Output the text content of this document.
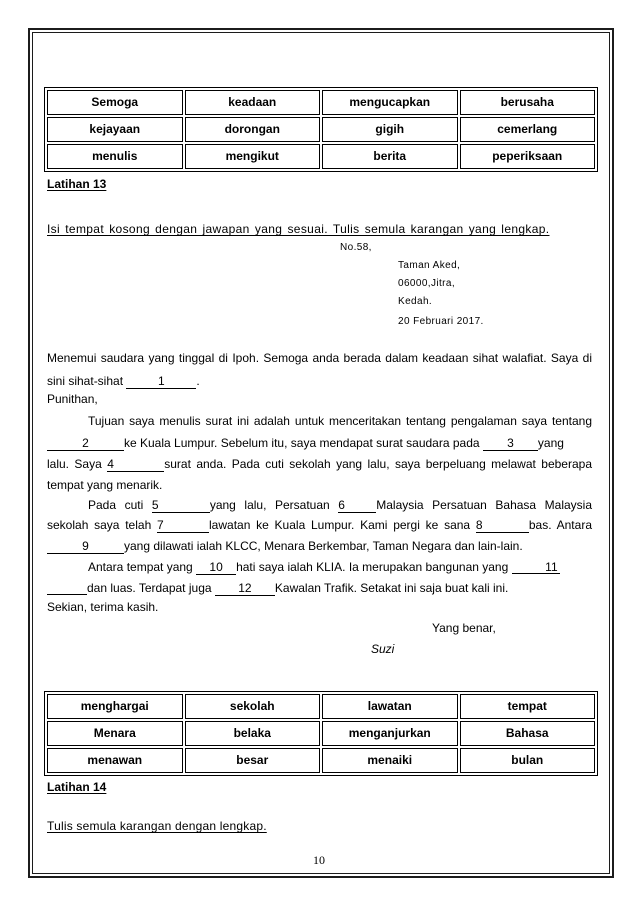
Semoga	keadaan	mengucapkan	berusaha

kejayaan	dorongan	gigih	cemerlang

menulis	mengikut	berita	peperiksaan
Latihan 13
Isi tempat kosong dengan jawapan yang sesuai. Tulis semula karangan yang lengkap.
No.58,
Taman Aked,
06000,Jitra,
Kedah.
20 Februari 2017.
Menemui saudara yang tinggal di Ipoh. Semoga anda berada dalam keadaan sihat walafiat. Saya di
sini sihat-sihat	1	.
Punithan,
Tujuan saya menulis surat ini adalah untuk menceritakan tentang pengalaman saya tentang
2	ke Kuala Lumpur. Sebelum itu, saya mendapat surat saudara pada 3 yang
lalu. Saya 4	surat anda. Pada cuti sekolah yang lalu, saya berpeluang melawat beberapa
tempat yang menarik.
Pada cuti 5	yang lalu, Persatuan 6	Malaysia Persatuan Bahasa Malaysia
sekolah saya telah 7	lawatan ke Kuala Lumpur. Kami pergi ke sana 8	bas. Antara
9	yang dilawati ialah KLCC, Menara Berkembar, Taman Negara dan lain-lain.
Antara tempat yang 10 hati saya ialah KLIA. Ia merupakan bangunan yang	11
dan luas. Terdapat juga 12 Kawalan Trafik. Setakat ini saja buat kali ini.
Sekian, terima kasih.
Yang benar,
Suzi
menghargai	sekolah	lawatan	tempat

Menara	belaka	menganjurkan	Bahasa

menawan	besar	menaiki	bulan
Latihan 14
Tulis semula karangan dengan lengkap.
10
